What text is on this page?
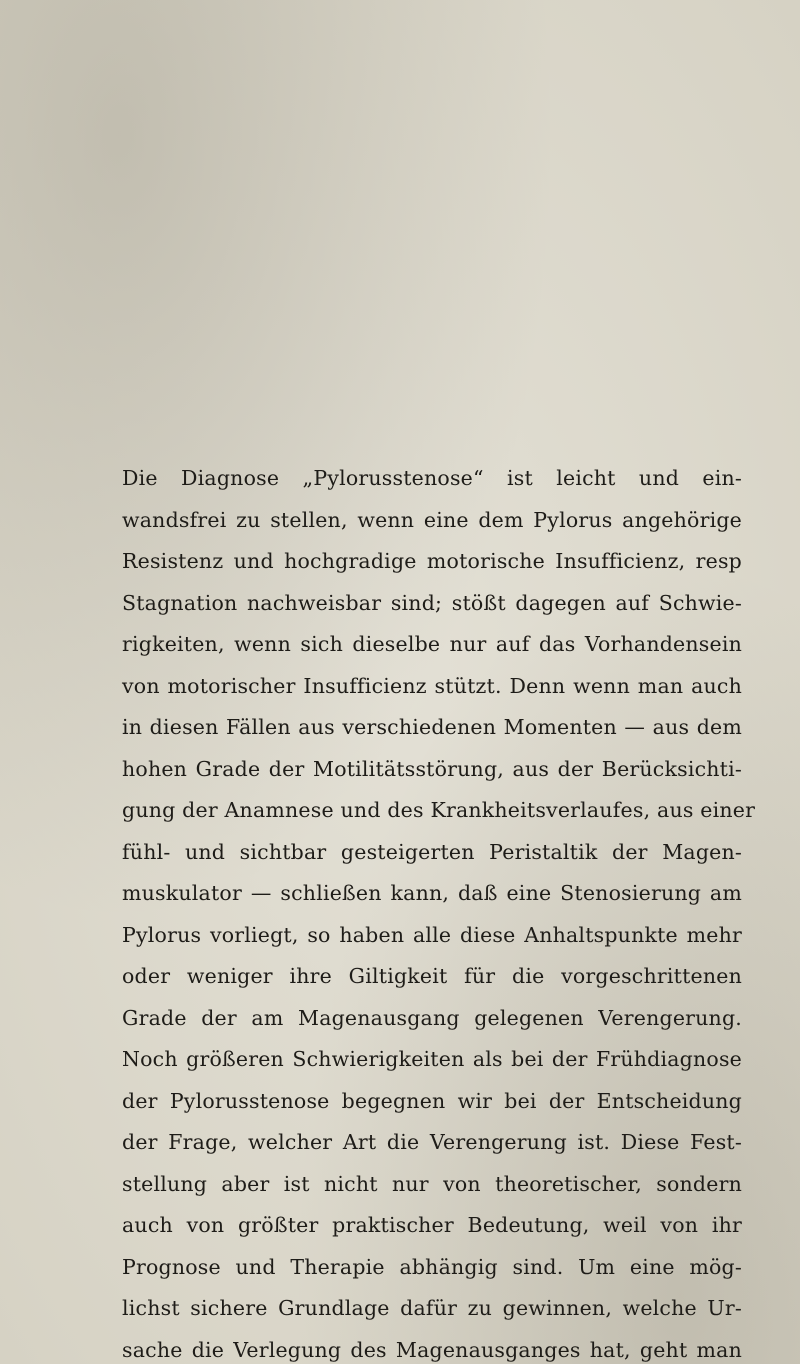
Die Diagnose „Pylorusstenose“ ist leicht und ein-
wandsfrei zu stellen, wenn eine dem Pylorus angehörige
Resistenz und hochgradige motorische Insufficienz, resp
Stagnation nachweisbar sind; stößt dagegen auf Schwie-
rigkeiten, wenn sich dieselbe nur auf das Vorhandensein
von motorischer Insufficienz stützt. Denn wenn man auch
in diesen Fällen aus verschiedenen Momenten — aus dem
hohen Grade der Motilitätsstörung, aus der Berücksichti-
gung der Anamnese und des Krankheitsverlaufes, aus einer
fühl- und sichtbar gesteigerten Peristaltik der Magen-
muskulator — schließen kann, daß eine Stenosierung am
Pylorus vorliegt, so haben alle diese Anhaltspunkte mehr
oder weniger ihre Giltigkeit für die vorgeschrittenen
Grade der am Magenausgang gelegenen Verengerung.
Noch größeren Schwierigkeiten als bei der Frühdiagnose
der Pylorusstenose begegnen wir bei der Entscheidung
der Frage, welcher Art die Verengerung ist. Diese Fest-
stellung aber ist nicht nur von theoretischer, sondern
auch von größter praktischer Bedeutung, weil von ihr
Prognose und Therapie abhängig sind. Um eine mög-
lichst sichere Grundlage dafür zu gewinnen, welche Ur-
sache die Verlegung des Magenausganges hat, geht man
